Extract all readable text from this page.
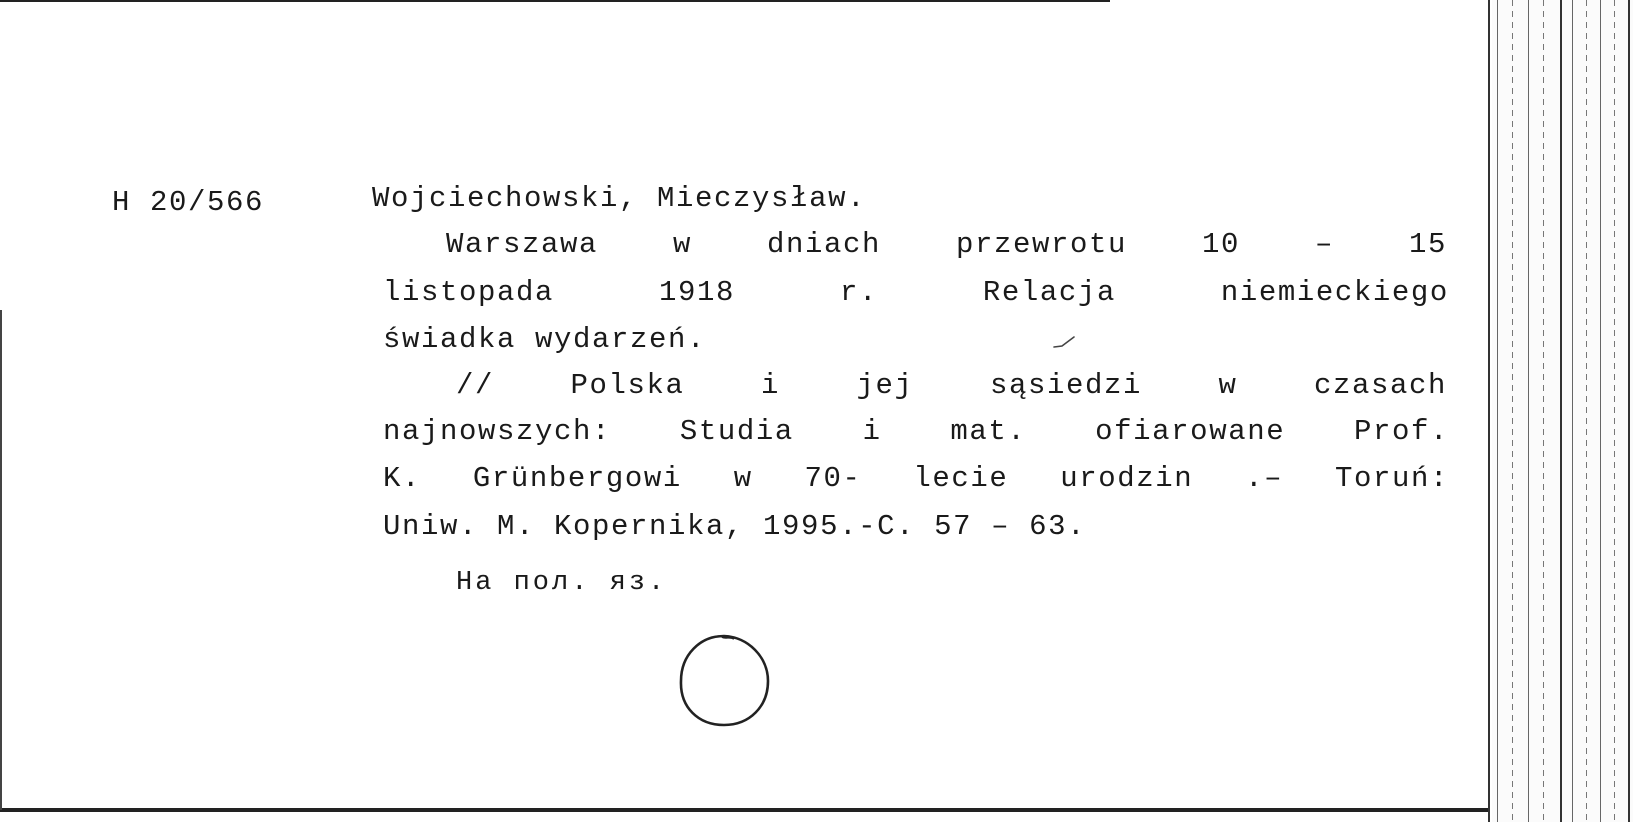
H 20/566	Wojciechowski, Mieczysław.
Warszawa	w	dniach	przewrotu	10	–	15
listopada	1918	r.	Relacja	niemieckiego
świadka wydarzeń.
//	Polska	i	jej	sąsiedzi	w	czasach
najnowszych: Studia i mat. ofiarowane Prof.
K. Grünbergowi w 70- lecie urodzin .– Toruń:
Uniw. M. Kopernika, 1995.-C. 57 – 63.
На пол. яз.
